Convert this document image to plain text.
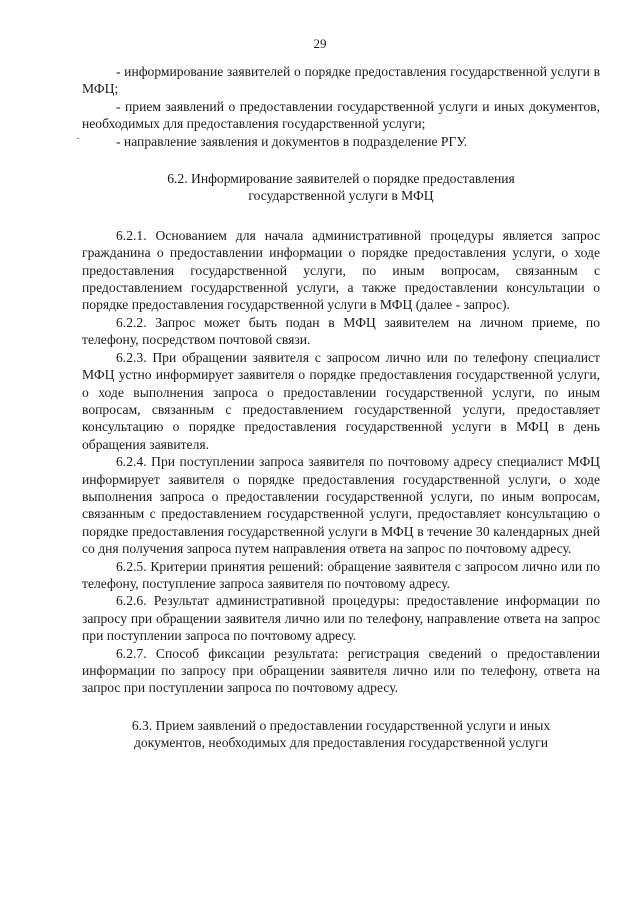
29

- информирование заявителей о порядке предоставления государственной услуги в МФЦ;

- прием заявлений о предоставлении государственной услуги и иных документов, необходимых для предоставления государственной услуги;

- направление заявления и документов в подразделение РГУ.

6.2. Информирование заявителей о порядке предоставления государственной услуги в МФЦ

6.2.1. Основанием для начала административной процедуры является запрос гражданина о предоставлении информации о порядке предоставления услуги, о ходе предоставления государственной услуги, по иным вопросам, связанным с предоставлением государственной услуги, а также предоставлении консультации о порядке предоставления государственной услуги в МФЦ (далее - запрос).

6.2.2. Запрос может быть подан в МФЦ заявителем на личном приеме, по телефону, посредством почтовой связи.

6.2.3. При обращении заявителя с запросом лично или по телефону специалист МФЦ устно информирует заявителя о порядке предоставления государственной услуги, о ходе выполнения запроса о предоставлении государственной услуги, по иным вопросам, связанным с предоставлением государственной услуги, предоставляет консультацию о порядке предоставления государственной услуги в МФЦ в день обращения заявителя.

6.2.4. При поступлении запроса заявителя по почтовому адресу специалист МФЦ информирует заявителя о порядке предоставления государственной услуги, о ходе выполнения запроса о предоставлении государственной услуги, по иным вопросам, связанным с предоставлением государственной услуги, предоставляет консультацию о порядке предоставления государственной услуги в МФЦ в течение 30 календарных дней со дня получения запроса путем направления ответа на запрос по почтовому адресу.

6.2.5. Критерии принятия решений: обращение заявителя с запросом лично или по телефону, поступление запроса заявителя по почтовому адресу.

6.2.6. Результат административной процедуры: предоставление информации по запросу при обращении заявителя лично или по телефону, направление ответа на запрос при поступлении запроса по почтовому адресу.

6.2.7. Способ фиксации результата: регистрация сведений о предоставлении информации по запросу при обращении заявителя лично или по телефону, ответа на запрос при поступлении запроса по почтовому адресу.

6.3. Прием заявлений о предоставлении государственной услуги и иных документов, необходимых для предоставления государственной услуги
